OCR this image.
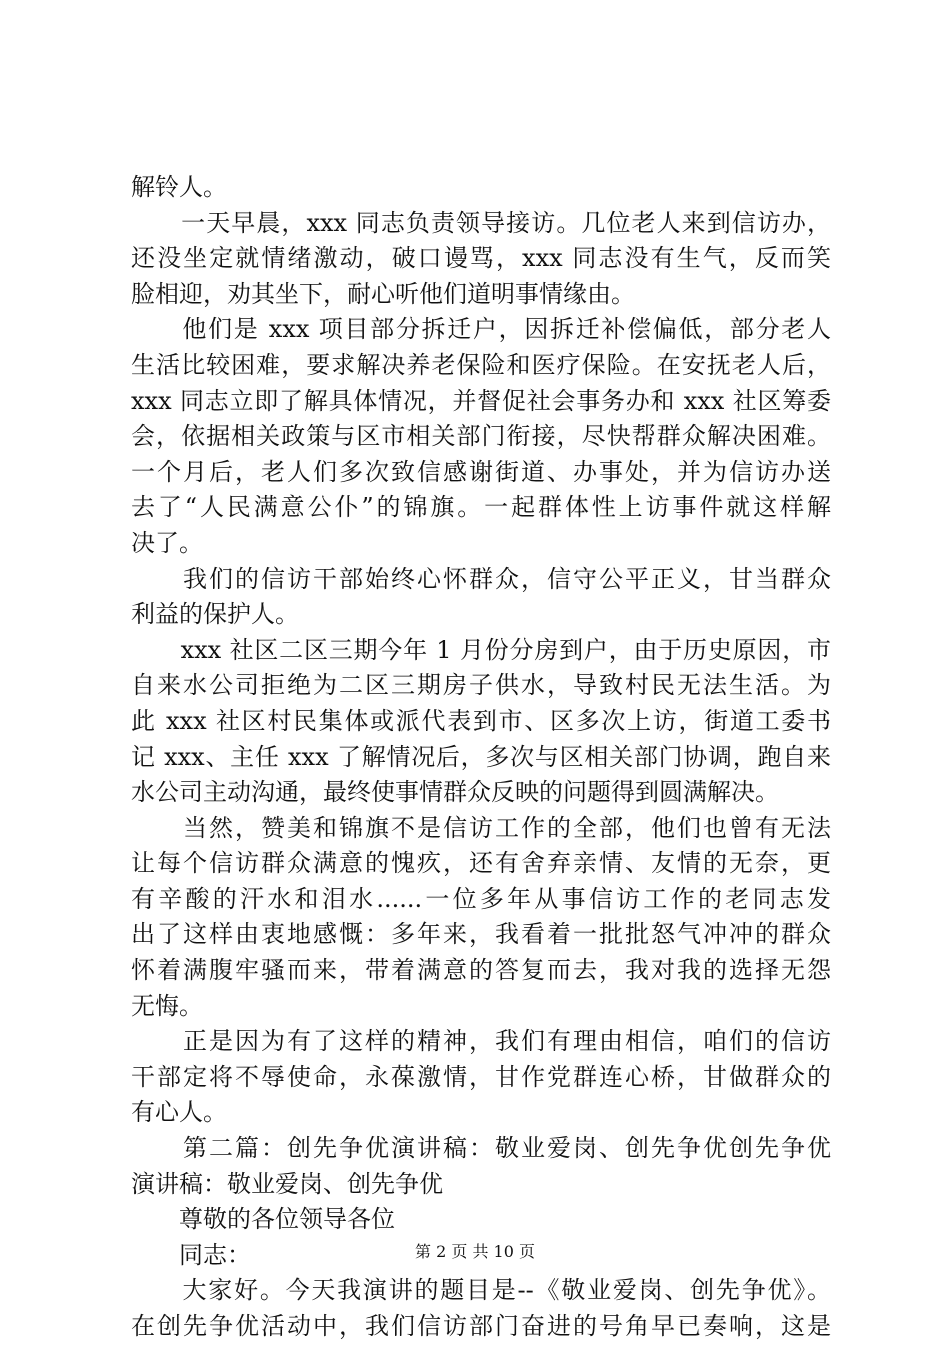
解铃人。
　　一天早晨，xxx 同志负责领导接访。几位老人来到信访办，
还没坐定就情绪激动，破口谩骂，xxx 同志没有生气，反而笑
脸相迎，劝其坐下，耐心听他们道明事情缘由。
　　他们是 xxx 项目部分拆迁户，因拆迁补偿偏低，部分老人
生活比较困难，要求解决养老保险和医疗保险。在安抚老人后，
xxx 同志立即了解具体情况，并督促社会事务办和 xxx 社区筹委
会，依据相关政策与区市相关部门衔接，尽快帮群众解决困难。
一个月后，老人们多次致信感谢街道、办事处，并为信访办送
去了“人民满意公仆”的锦旗。一起群体性上访事件就这样解
决了。
　　我们的信访干部始终心怀群众，信守公平正义，甘当群众
利益的保护人。
　　xxx 社区二区三期今年 1 月份分房到户，由于历史原因，市
自来水公司拒绝为二区三期房子供水，导致村民无法生活。为
此 xxx 社区村民集体或派代表到市、区多次上访，街道工委书
记 xxx、主任 xxx 了解情况后，多次与区相关部门协调，跑自来
水公司主动沟通，最终使事情群众反映的问题得到圆满解决。
　　当然，赞美和锦旗不是信访工作的全部，他们也曾有无法
让每个信访群众满意的愧疚，还有舍弃亲情、友情的无奈，更
有辛酸的汗水和泪水......一位多年从事信访工作的老同志发
出了这样由衷地感慨：多年来，我看着一批批怒气冲冲的群众
怀着满腹牢骚而来，带着满意的答复而去，我对我的选择无怨
无悔。
　　正是因为有了这样的精神，我们有理由相信，咱们的信访
干部定将不辱使命，永葆激情，甘作党群连心桥，甘做群众的
有心人。
　　第二篇：创先争优演讲稿：敬业爱岗、创先争优创先争优
演讲稿：敬业爱岗、创先争优
　　尊敬的各位领导各位
　　同志：
　　大家好。今天我演讲的题目是--《敬业爱岗、创先争优》。
在创先争优活动中，我们信访部门奋进的号角早已奏响，这是
第 2 页 共 10 页
